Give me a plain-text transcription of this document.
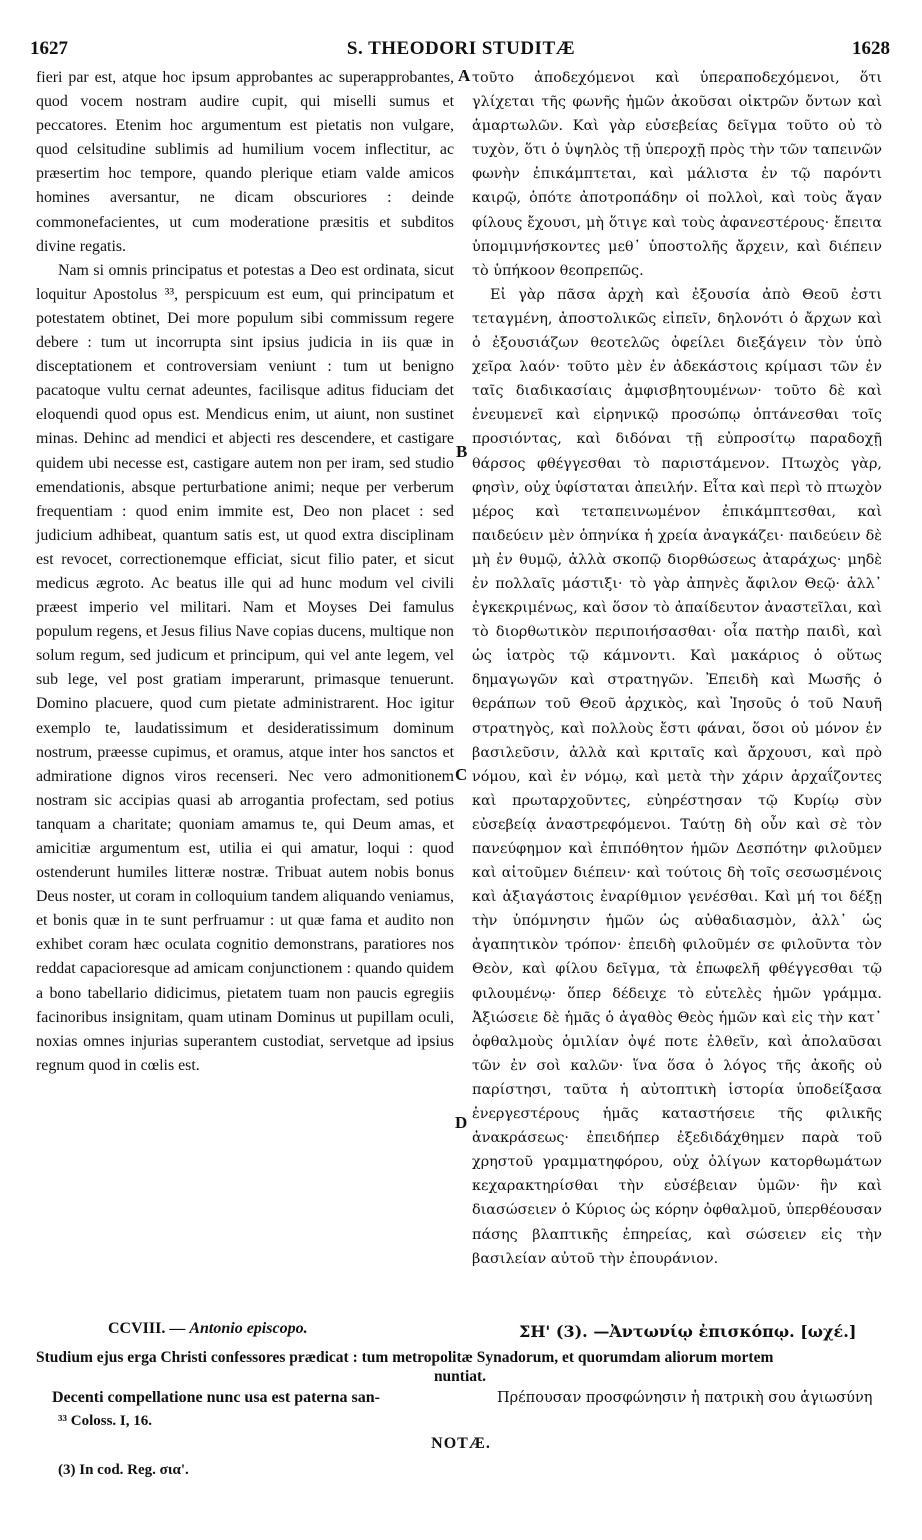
1627	S. THEODORI STUDITÆ	1628

fieri par est, atque hoc ipsum approbantes ac superapprobantes, quod vocem nostram audire cupit, qui miselli sumus et peccatores. Etenim hoc argumentum est pietatis non vulgare, quod celsitudine sublimis ad humilium vocem inflectitur, ac præsertim hoc tempore, quando plerique etiam valde amicos homines aversantur, ne dicam obscuriores : deinde commonefacientes, ut cum moderatione præsitis et subditos divine regatis.

Nam si omnis principatus et potestas a Deo est ordinata, sicut loquitur Apostolus ³³, perspicuum est eum, qui principatum et potestatem obtinet, Dei more populum sibi commissum regere debere : tum ut incorrupta sint ipsius judicia in iis quæ in disceptationem et controversiam veniunt : tum ut benigno pacatoque vultu cernat adeuntes, facilisque aditus fiduciam det eloquendi quod opus est. Mendicus enim, ut aiunt, non sustinet minas. Dehinc ad mendici et abjecti res descendere, et castigare quidem ubi necesse est, castigare autem non per iram, sed studio emendationis, absque perturbatione animi; neque per verberum frequentiam : quod enim immite est, Deo non placet : sed judicium adhibeat, quantum satis est, ut quod extra disciplinam est revocet, correctionemque efficiat, sicut filio pater, et sicut medicus ægroto. Ac beatus ille qui ad hunc modum vel civili præest imperio vel militari. Nam et Moyses Dei famulus populum regens, et Jesus filius Nave copias ducens, multique non solum regum, sed judicum et principum, qui vel ante legem, vel sub lege, vel post gratiam imperarunt, primasque tenuerunt. Domino placuere, quod cum pietate administrarent. Hoc igitur exemplo te, laudatissimum et desideratissimum dominum nostrum, præesse cupimus, et oramus, atque inter hos sanctos et admiratione dignos viros recenseri. Nec vero admonitionem nostram sic accipias quasi ab arrogantia profectam, sed potius tanquam a charitate; quoniam amamus te, qui Deum amas, et amicitiæ argumentum est, utilia ei qui amatur, loqui : quod ostenderunt humiles litteræ nostræ. Tribuat autem nobis bonus Deus noster, ut coram in colloquium tandem aliquando veniamus, et bonis quæ in te sunt perfruamur : ut quæ fama et audito non exhibet coram hæc oculata cognitio demonstrans, paratiores nos reddat capacioresque ad amicam conjunctionem : quando quidem a bono tabellario didicimus, pietatem tuam non paucis egregiis facinoribus insignitam, quam utinam Dominus ut pupillam oculi, noxias omnes injurias superantem custodiat, servetque ad ipsius regnum quod in cœlis est.

τοῦτο ἀποδεχόμενοι καὶ ὑπεραποδεχόμενοι, ὅτι γλίχεται τῆς φωνῆς ἡμῶν ἀκοῦσαι οἰκτρῶν ὄντων καὶ ἁμαρτωλῶν. Καὶ γὰρ εὐσεβείας δεῖγμα τοῦτο οὐ τὸ τυχὸν, ὅτι ὁ ὑψηλὸς τῇ ὑπεροχῇ πρὸς τὴν τῶν ταπεινῶν φωνὴν ἐπικάμπτεται, καὶ μάλιστα ἐν τῷ παρόντι καιρῷ, ὁπότε ἀποτροπάδην οἱ πολλοὶ, καὶ τοὺς ἄγαν φίλους ἔχουσι, μὴ ὅτιγε καὶ τοὺς ἀφανεστέρους· ἔπειτα ὑπομιμνήσκοντες μεθ᾽ ὑποστολῆς ἄρχειν, καὶ διέπειν τὸ ὑπήκοον θεοπρεπῶς.

Εἰ γὰρ πᾶσα ἀρχὴ καὶ ἐξουσία ἀπὸ Θεοῦ ἐστι τεταγμένη, ἀποστολικῶς εἰπεῖν, δηλονότι ὁ ἄρχων καὶ ὁ ἐξουσιάζων θεοτελῶς ὀφείλει διεξάγειν τὸν ὑπὸ χεῖρα λαόν· τοῦτο μὲν ἐν ἀδεκάστοις κρίμασι τῶν ἐν ταῖς διαδικασίαις ἀμφισβητουμένων· τοῦτο δὲ καὶ ἐνευμενεῖ καὶ εἰρηνικῷ προσώπῳ ὀπτάνεσθαι τοῖς προσιόντας, καὶ διδόναι τῇ εὐπροσίτῳ παραδοχῇ θάρσος φθέγγεσθαι τὸ παριστάμενον. Πτωχὸς γὰρ, φησὶν, οὐχ ὑφίσταται ἀπειλήν. Εἶτα καὶ περὶ τὸ πτωχὸν μέρος καὶ τεταπεινωμένον ἐπικάμπτεσθαι, καὶ παιδεύειν μὲν ὁπηνίκα ἡ χρεία ἀναγκάζει· παιδεύειν δὲ μὴ ἐν θυμῷ, ἀλλὰ σκοπῷ διορθώσεως ἀταράχως· μηδὲ ἐν πολλαῖς μάστιξι· τὸ γὰρ ἀπηνὲς ἄφιλον Θεῷ· ἀλλ᾽ ἐγκεκριμένως, καὶ ὅσον τὸ ἀπαίδευτον ἀναστεῖλαι, καὶ τὸ διορθωτικὸν περιποιήσασθαι· οἷα πατὴρ παιδὶ, καὶ ὡς ἰατρὸς τῷ κάμνοντι. Καὶ μακάριος ὁ οὕτως δημαγωγῶν καὶ στρατηγῶν. Ἐπειδὴ καὶ Μωσῆς ὁ θεράπων τοῦ Θεοῦ ἀρχικὸς, καὶ Ἰησοῦς ὁ τοῦ Ναυῆ στρατηγὸς, καὶ πολλοὺς ἔστι φάναι, ὅσοι οὐ μόνον ἐν βασιλεῦσιν, ἀλλὰ καὶ κριταῖς καὶ ἄρχουσι, καὶ πρὸ νόμου, καὶ ἐν νόμῳ, καὶ μετὰ τὴν χάριν ἀρχαΐζοντες καὶ πρωταρχοῦντες, εὐηρέστησαν τῷ Κυρίῳ σὺν εὐσεβείᾳ ἀναστρεφόμενοι. Ταύτῃ δὴ οὖν καὶ σὲ τὸν πανεύφημον καὶ ἐπιπόθητον ἡμῶν Δεσπότην φιλοῦμεν καὶ αἰτοῦμεν διέπειν· καὶ τούτοις δὴ τοῖς σεσωσμένοις καὶ ἀξιαγάστοις ἐναρίθμιον γενέσθαι. Καὶ μή τοι δέξῃ τὴν ὑπόμνησιν ἡμῶν ὡς αὐθαδιασμὸν, ἀλλ᾽ ὡς ἀγαπητικὸν τρόπον· ἐπειδὴ φιλοῦμέν σε φιλοῦντα τὸν Θεὸν, καὶ φίλου δεῖγμα, τὰ ἐπωφελῆ φθέγγεσθαι τῷ φιλουμένῳ· ὅπερ δέδειχε τὸ εὐτελὲς ἡμῶν γράμμα. Ἀξιώσειε δὲ ἡμᾶς ὁ ἀγαθὸς Θεὸς ἡμῶν καὶ εἰς τὴν κατ᾽ ὀφθαλμοὺς ὁμιλίαν ὀψέ ποτε ἐλθεῖν, καὶ ἀπολαῦσαι τῶν ἐν σοὶ καλῶν· ἵνα ὅσα ὁ λόγος τῆς ἀκοῆς οὐ παρίστησι, ταῦτα ἡ αὐτοπτικὴ ἱστορία ὑποδείξασα ἐνεργεστέρους ἡμᾶς καταστήσειε τῆς φιλικῆς ἀνακράσεως· ἐπειδήπερ ἐξεδιδάχθημεν παρὰ τοῦ χρηστοῦ γραμματηφόρου, οὐχ ὀλίγων κατορθωμάτων κεχαρακτηρίσθαι τὴν εὐσέβειαν ὑμῶν· ἣν καὶ διασώσειεν ὁ Κύριος ὡς κόρην ὀφθαλμοῦ, ὑπερθέουσαν πάσης βλαπτικῆς ἐπηρείας, καὶ σώσειεν εἰς τὴν βασιλείαν αὐτοῦ τὴν ἐπουράνιον.

A
B
C
D
CCVIII. — Antonio episcopo.	ΣΗ' (3). —Ἀντωνίῳ ἐπισκόπῳ. [ωχέ.]
Studium ejus erga Christi confessores prædicat : tum metropolitæ Synadorum, et quorumdam aliorum mortem
nuntiat.
Decenti compellatione nunc usa est paterna san-	Πρέπουσαν προσφώνησιν ἡ πατρικὴ σου ἁγιωσύνη
³³ Coloss. I, 16.
NOTÆ.
(3) In cod. Reg. σια'.
